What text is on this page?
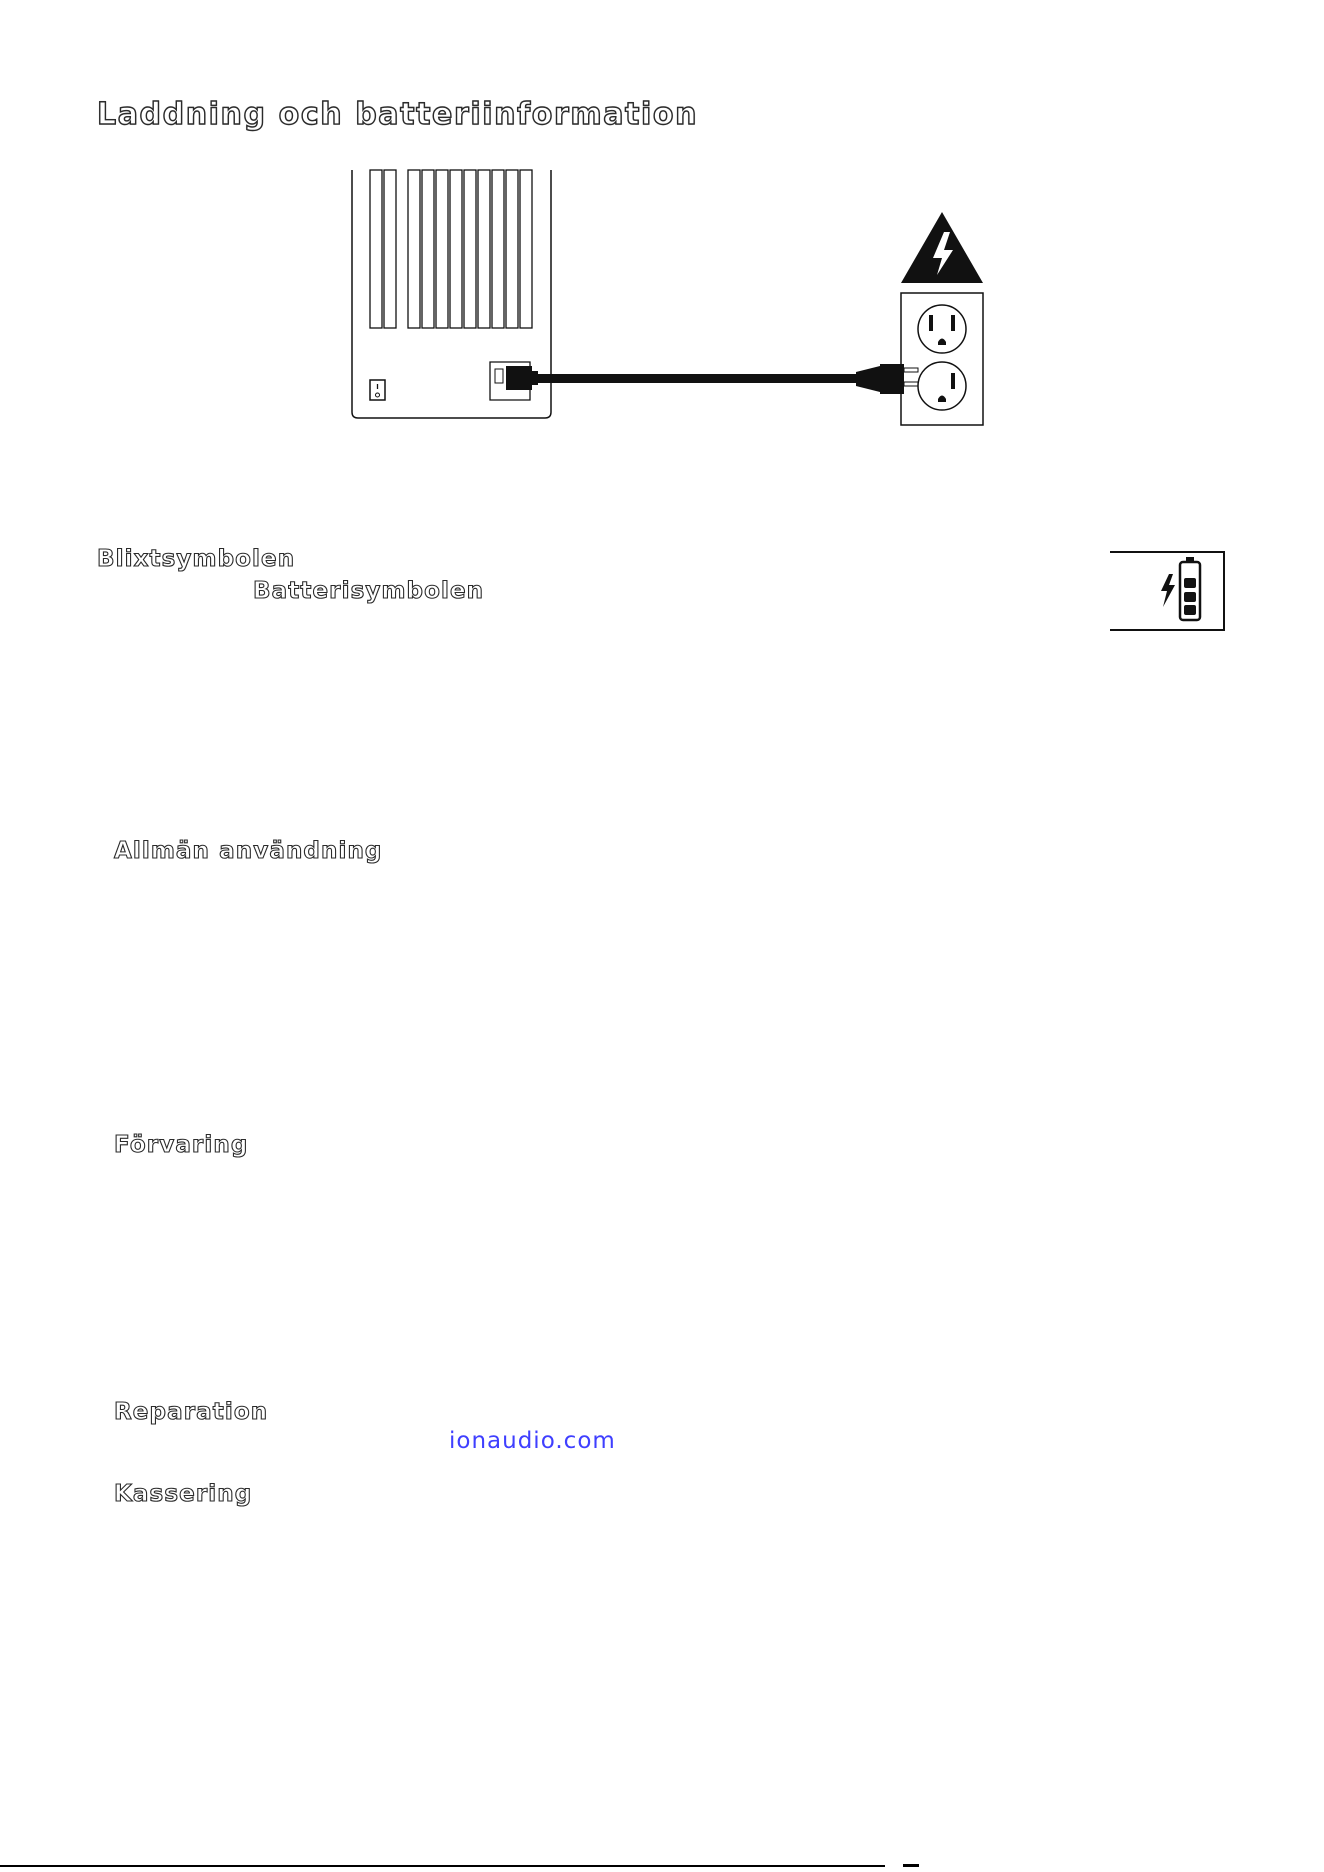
Laddning och batteriinformation
Blixtsymbolen
Batterisymbolen
Allmän användning
Förvaring
Reparation
ionaudio.com
Kassering
